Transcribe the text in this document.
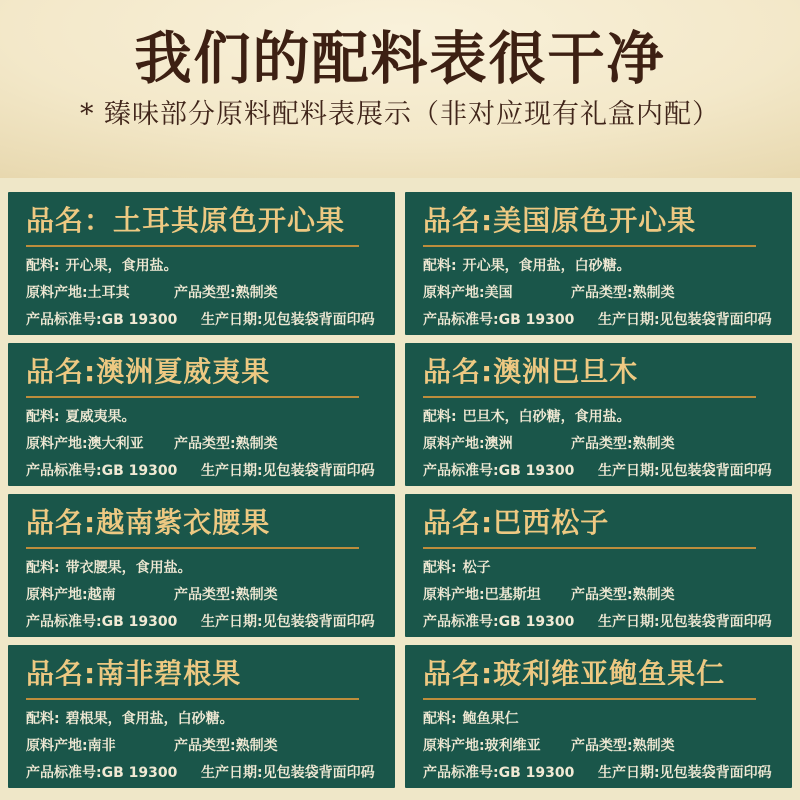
我们的配料表很干净

* 臻味部分原料配料表展示（非对应现有礼盒内配）

品名：土耳其原色开心果
配料: 开心果，食用盐。
原料产地: 土耳其	产品类型: 熟制类
产品标准号: GB 19300 生产日期: 见包装袋背面印码
品名:美国原色开心果
配料: 开心果，食用盐，白砂糖。
原料产地: 美国	产品类型: 熟制类
产品标准号: GB 19300 生产日期: 见包装袋背面印码
品名:澳洲夏威夷果
配料: 夏威夷果。
原料产地: 澳大利亚 产品类型: 熟制类
产品标准号: GB 19300 生产日期: 见包装袋背面印码
品名:澳洲巴旦木
配料: 巴旦木，白砂糖，食用盐。
原料产地: 澳洲	产品类型: 熟制类
产品标准号: GB 19300 生产日期: 见包装袋背面印码
品名:越南紫衣腰果
配料: 带衣腰果，食用盐。
原料产地: 越南	产品类型: 熟制类
产品标准号: GB 19300 生产日期: 见包装袋背面印码
品名:巴西松子
配料: 松子
原料产地: 巴基斯坦 产品类型: 熟制类
产品标准号: GB 19300 生产日期: 见包装袋背面印码
品名:南非碧根果
配料: 碧根果，食用盐，白砂糖。
原料产地: 南非	产品类型: 熟制类
产品标准号: GB 19300 生产日期: 见包装袋背面印码
品名:玻利维亚鲍鱼果仁
配料: 鲍鱼果仁
原料产地: 玻利维亚 产品类型: 熟制类
产品标准号: GB 19300 生产日期: 见包装袋背面印码
